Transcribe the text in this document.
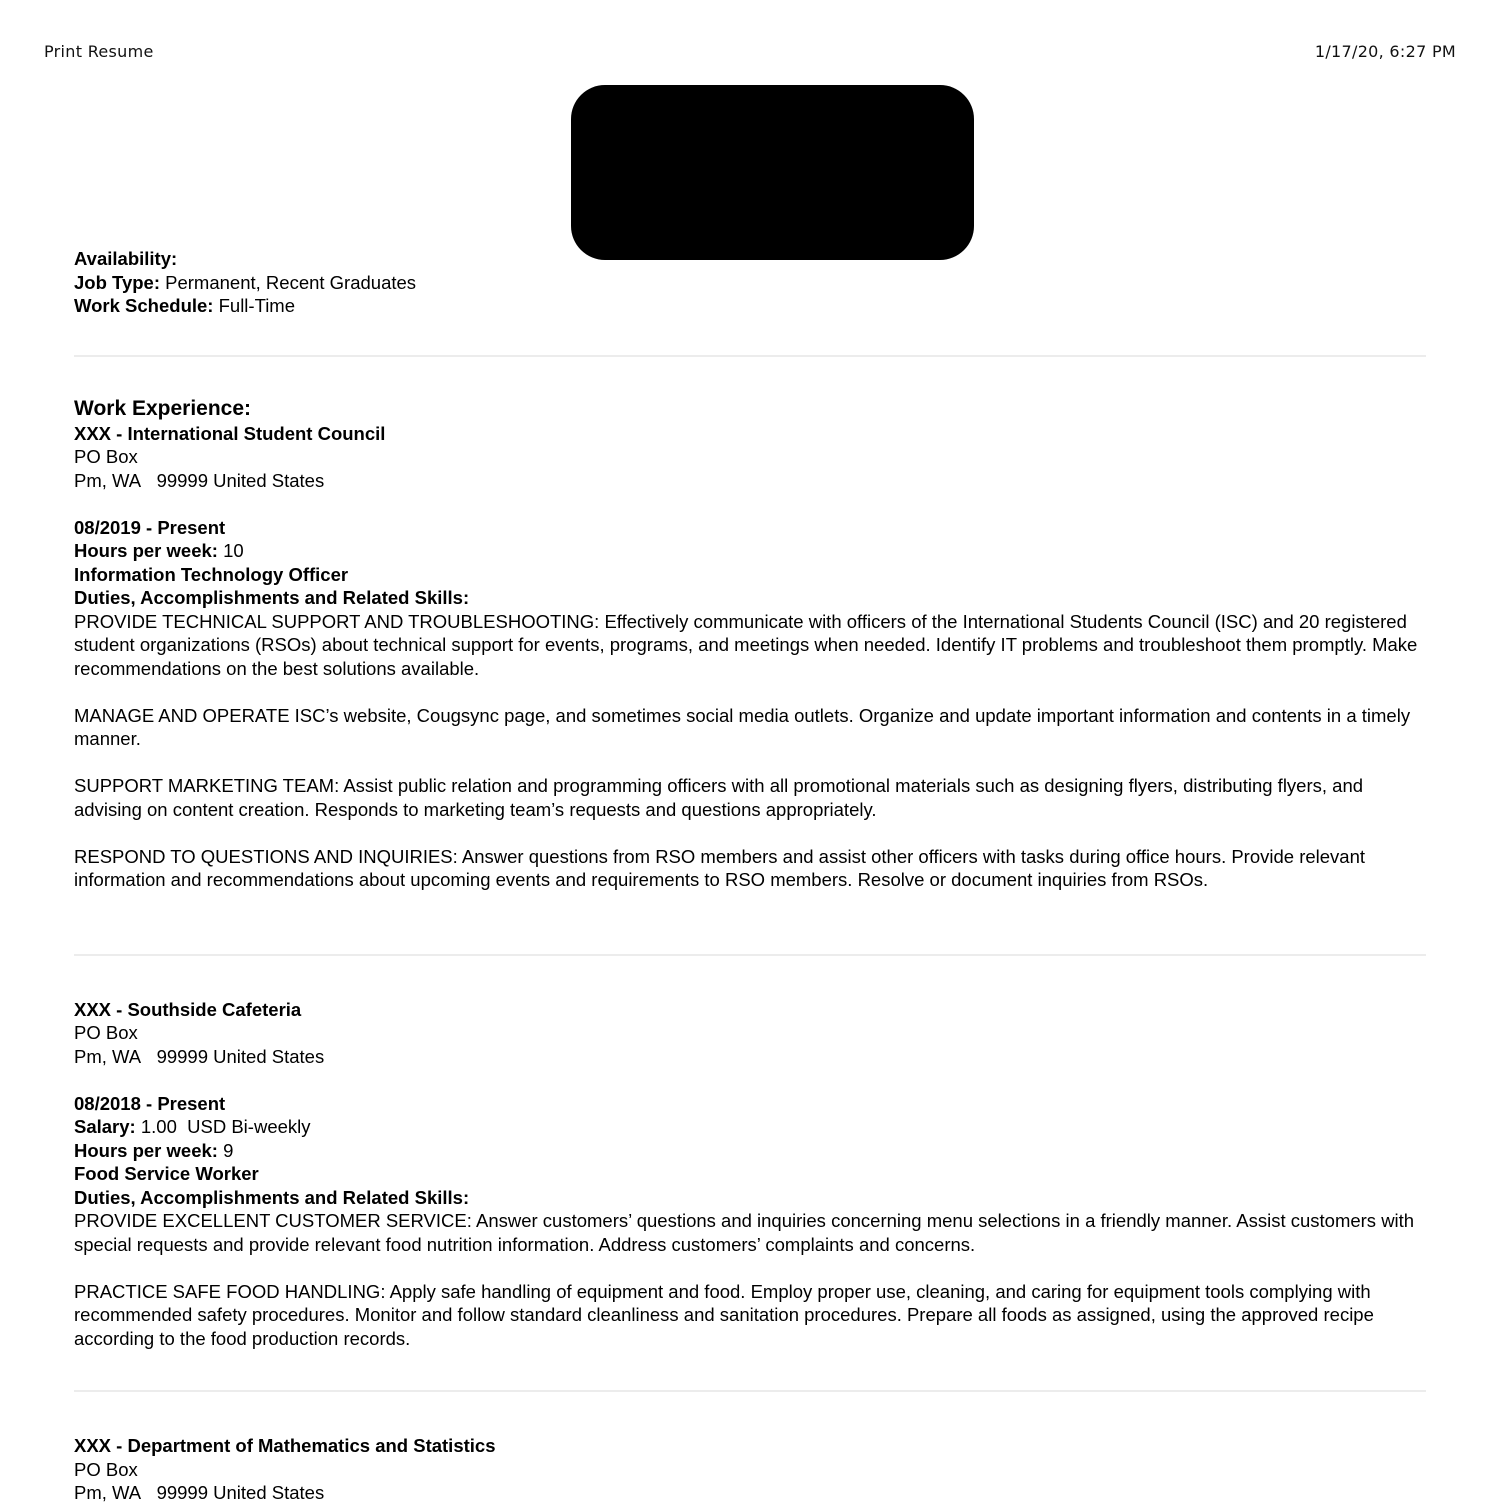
Print Resume	1/17/20, 6:27 PM
Availability:
Job Type: Permanent, Recent Graduates
Work Schedule: Full-Time
Work Experience:
XXX - International Student Council
PO Box
Pm, WA   99999 United States
08/2019 - Present
Hours per week: 10
Information Technology Officer
Duties, Accomplishments and Related Skills:

PROVIDE TECHNICAL SUPPORT AND TROUBLESHOOTING: Effectively communicate with officers of the International Students Council (ISC) and 20 registered student organizations (RSOs) about technical support for events, programs, and meetings when needed. Identify IT problems and troubleshoot them promptly. Make recommendations on the best solutions available.

MANAGE AND OPERATE ISC’s website, Cougsync page, and sometimes social media outlets. Organize and update important information and contents in a timely manner.

SUPPORT MARKETING TEAM: Assist public relation and programming officers with all promotional materials such as designing flyers, distributing flyers, and advising on content creation. Responds to marketing team’s requests and questions appropriately.

RESPOND TO QUESTIONS AND INQUIRIES: Answer questions from RSO members and assist other officers with tasks during office hours. Provide relevant information and recommendations about upcoming events and requirements to RSO members. Resolve or document inquiries from RSOs.

XXX - Southside Cafeteria
PO Box
Pm, WA   99999 United States
08/2018 - Present
Salary: 1.00  USD Bi-weekly
Hours per week: 9
Food Service Worker
Duties, Accomplishments and Related Skills:

PROVIDE EXCELLENT CUSTOMER SERVICE: Answer customers’ questions and inquiries concerning menu selections in a friendly manner. Assist customers with special requests and provide relevant food nutrition information. Address customers’ complaints and concerns.

PRACTICE SAFE FOOD HANDLING: Apply safe handling of equipment and food. Employ proper use, cleaning, and caring for equipment tools complying with recommended safety procedures. Monitor and follow standard cleanliness and sanitation procedures. Prepare all foods as assigned, using the approved recipe according to the food production records.

XXX - Department of Mathematics and Statistics
PO Box
Pm, WA   99999 United States
